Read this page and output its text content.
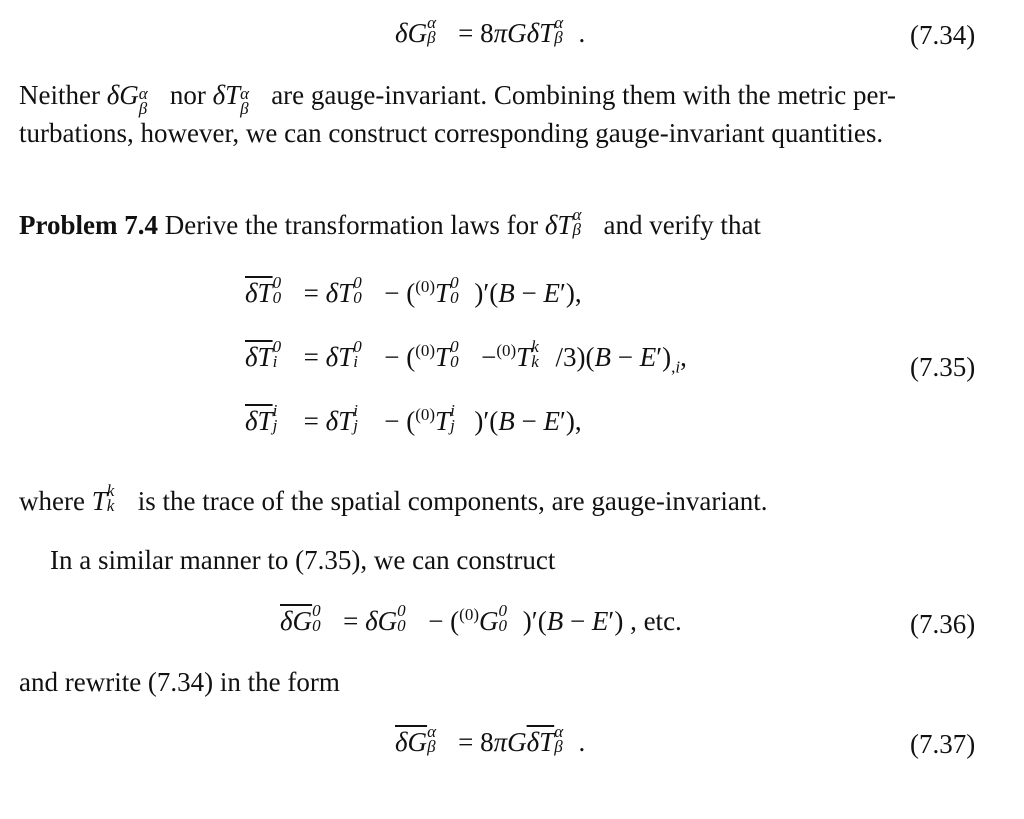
δG α
β = 8πGδT α
β .	(7.34)
Neither δG α
β nor δT α
β are gauge-invariant. Combining them with the metric per-
turbations, however, we can construct corresponding gauge-invariant quantities.
Problem 7.4 Derive the transformation laws for δT α
β and verify that
$\overline{\delta T}$ 0
0 = δT 0
0 − ($^{(0)}$T 0
0 )′(B − E′),
$\overline{\delta T}$ 0
i = δT 0
i − ($^{(0)}$T 0
0 −$^{(0)}$T k
k $/3)(B - E')_{,i}$,
$\overline{\delta T}$ i
j = δT i
j − ($^{(0)}$T i
j )′(B − E′),
(7.35)
where T k
k is the trace of the spatial components, are gauge-invariant.
In a similar manner to (7.35), we can construct
$\overline{\delta G}$ 0
0 = δG 0
0 − ($^{(0)}$G 0
0 )′(B − E′) , etc.	(7.36)
and rewrite (7.34) in the form
$\overline{\delta G}$ α
$\beta = 8\pi G\overline{\delta T}$ α
β .	(7.37)
